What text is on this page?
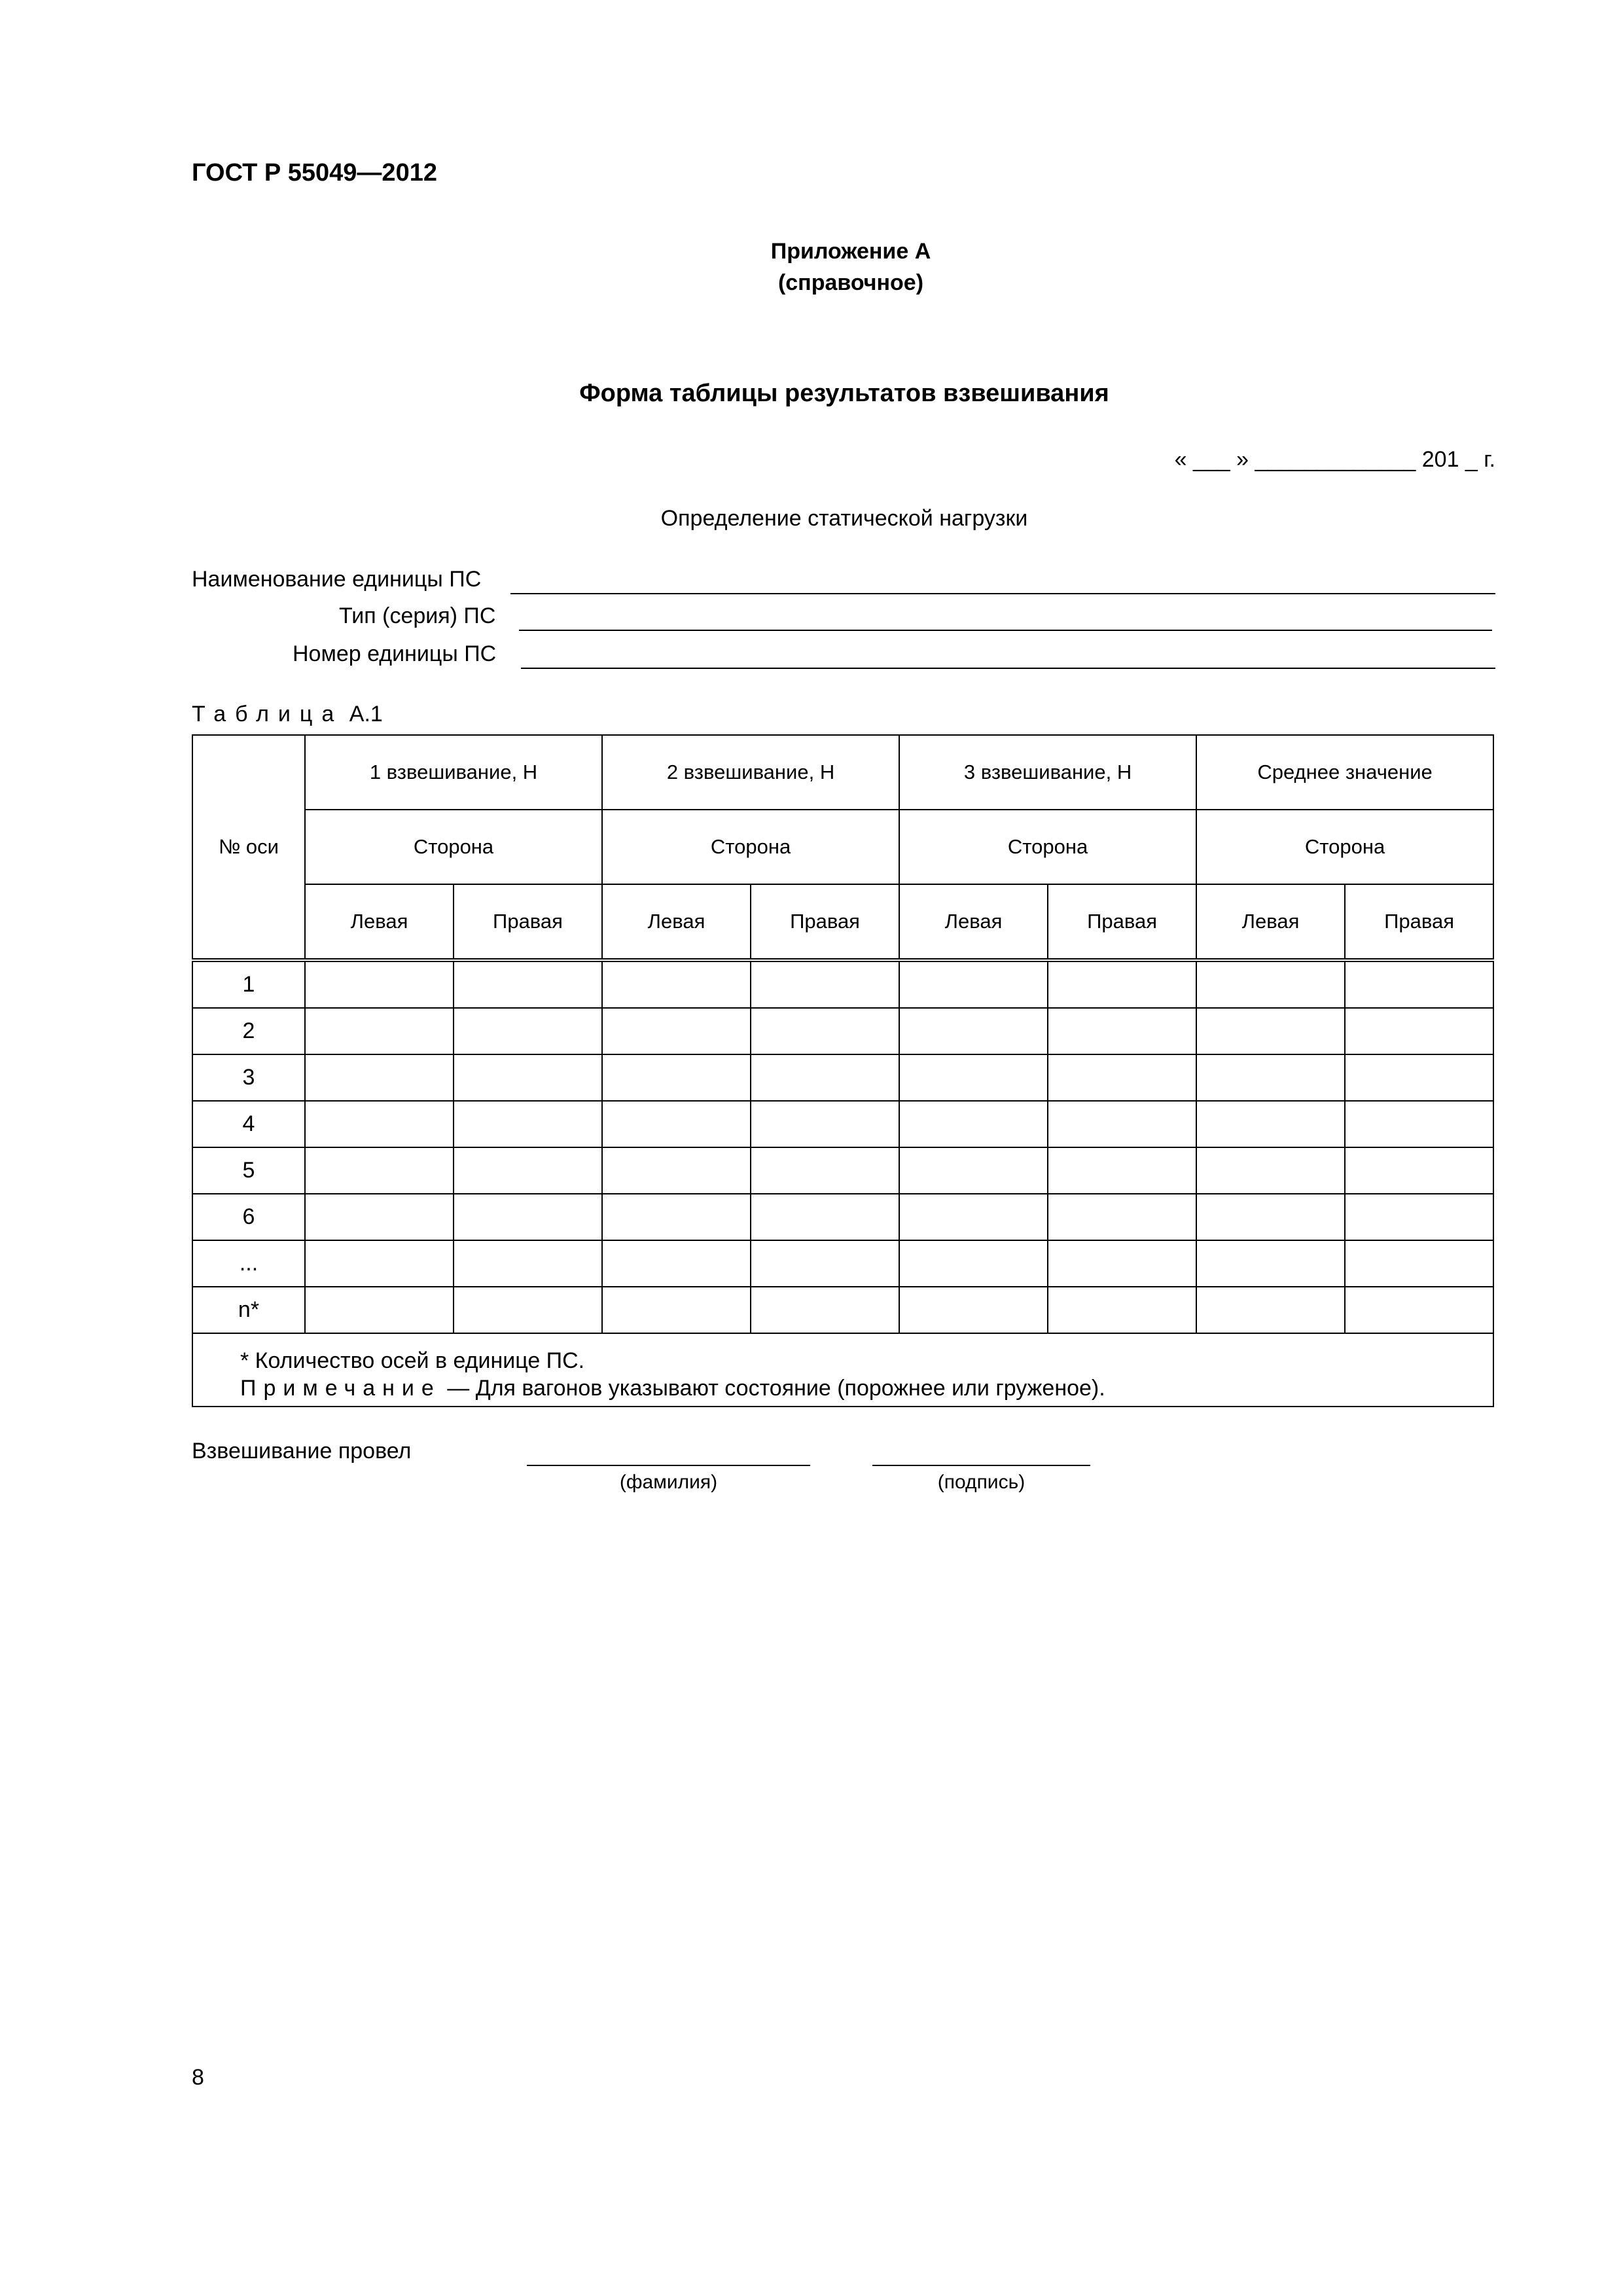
ГОСТ Р 55049—2012
Приложение А
(справочное)
Форма таблицы результатов взвешивания
« ___ » _____________ 201 _ г.
Определение статической нагрузки
Наименование единицы ПС
Тип (серия) ПС
Номер единицы ПС
Таблица А.1
№ оси	1 взвешивание, Н		2 взвешивание, Н		3 взвешивание, Н		Среднее значение	
	Сторона		Сторона		Сторона		Сторона	
	Левая	Правая	Левая	Правая	Левая	Правая	Левая	Правая
1								
2								
3								
4								
5								
6								
...								
n*								

* Количество осей в единице ПС.
Примечание — Для вагонов указывают состояние (порожнее или груженое).								
Взвешивание провел
(фамилия)	(подпись)
8
